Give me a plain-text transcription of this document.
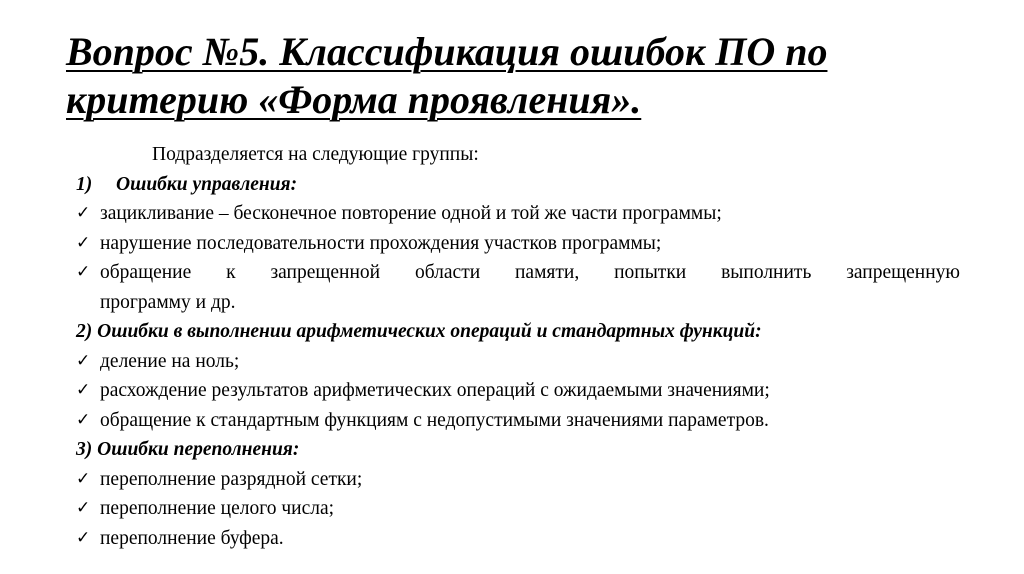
Вопрос №5. Классификация ошибок ПО по
критерию «Форма проявления».
Подразделяется на следующие группы:
1) Ошибки управления:
✓ зацикливание – бесконечное повторение одной и той же части программы;
✓ нарушение последовательности прохождения участков программы;
✓ обращение к запрещенной области памяти, попытки выполнить запрещенную
программу и др.
2) Ошибки в выполнении арифметических операций и стандартных функций:
✓ деление на ноль;
✓ расхождение результатов арифметических операций с ожидаемыми значениями;
✓ обращение к стандартным функциям с недопустимыми значениями параметров.
3) Ошибки переполнения:
✓ переполнение разрядной сетки;
✓ переполнение целого числа;
✓ переполнение буфера.
